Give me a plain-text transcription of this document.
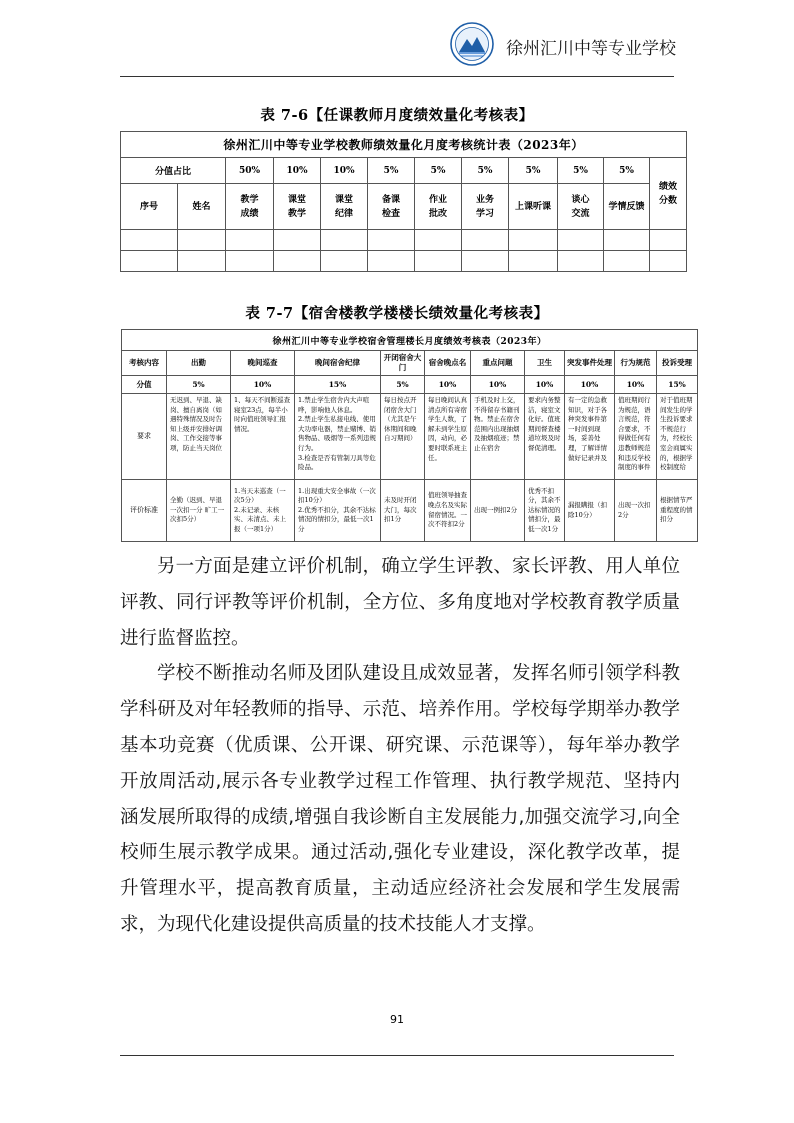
徐州汇川中等专业学校
表 7-6【任课教师月度绩效量化考核表】
徐州汇川中等专业学校教师绩效量化月度考核统计表（2023年）											
分值占比		50%	10%	10%	5%	5%	5%	5%	5%	5%	绩效分数
序号	姓名	教学成绩	课堂教学	课堂纪律	备课检查	作业批改	业务学习	上课听课	谈心交流	学情反馈	

表 7-7【宿舍楼教学楼楼长绩效量化考核表】
徐州汇川中等专业学校宿舍管理楼长月度绩效考核表（2023年）										
考核内容	出勤	晚间巡查	晚间宿舍纪律	开闭宿舍大门	宿舍晚点名	重点问题	卫生	突发事件处理	行为规范	投诉受理
分值	5%	10%	15%	5%	10%	10%	10%	10%	10%	15%
要求	无迟到、早退、缺岗、擅自离岗（如遇特殊情况及时告知上级并安排好调岗、工作交接等事项，防止当天岗位	1、每天不间断巡查寝室23点，每半小时向值班领导汇报情况。	1.禁止学生宿舍内大声喧哗，影响他人休息。
2.禁止学生私接电线、使用大功率电器，禁止赌博、销售物品、吸烟等一系列违规行为。
3.检查是否有管制刀具等危险品。	每日按点开闭宿舍大门（尤其是午休期间和晚自习期间）	每日晚间认真清点所有寄宿学生人数，了解未到学生原因，动向，必要时联系班主任。	手机及时上交，不得留存书籍刊物。禁止在宿舍范围内出现抽烟及抽烟痕迹；禁止在宿舍	要求内务整洁，寝室文化好。值班期间督查楼道垃圾及时督促清理。	有一定的急救知识，对于各种突发事件第一时间到现场，妥善处理，了解详情做好记录并及	值班期间行为规范，语言规范，符合要求，不得做任何有违教师规范和违反学校制度的事件	对于值班期间发生的学生投诉要求不规范行为，经校长室会商属实的，根据学校制度给
评价标准	全勤（迟到、早退一次扣一分 旷工一次扣5分）	1.当天未巡查（一次5分）
2.未记录、未核实、未清点、未上报（一项1分）	1.出现重大安全事故（一次扣10分）
2.优秀不扣分，其余不达标情况的情扣分，最低一次1分	未及时开闭大门，每次扣1分	值班领导抽查晚点名及实际留宿情况。一次不符扣2分	出现一例扣2分	优秀不扣分，其余不达标情况的情扣分，最低一次1分	漏报瞒报（扣除10分）	出现一次扣2分	根据情节严重程度的情扣分

另一方面是建立评价机制，确立学生评教、家长评教、用人单位评教、同行评教等评价机制，全方位、多角度地对学校教育教学质量进行监督监控。

学校不断推动名师及团队建设且成效显著，发挥名师引领学科教学科研及对年轻教师的指导、示范、培养作用。学校每学期举办教学基本功竞赛（优质课、公开课、研究课、示范课等），每年举办教学开放周活动,展示各专业教学过程工作管理、执行教学规范、坚持内涵发展所取得的成绩,增强自我诊断自主发展能力,加强交流学习,向全校师生展示教学成果。通过活动,强化专业建设，深化教学改革，提升管理水平，提高教育质量，主动适应经济社会发展和学生发展需求，为现代化建设提供高质量的技术技能人才支撑。

91
